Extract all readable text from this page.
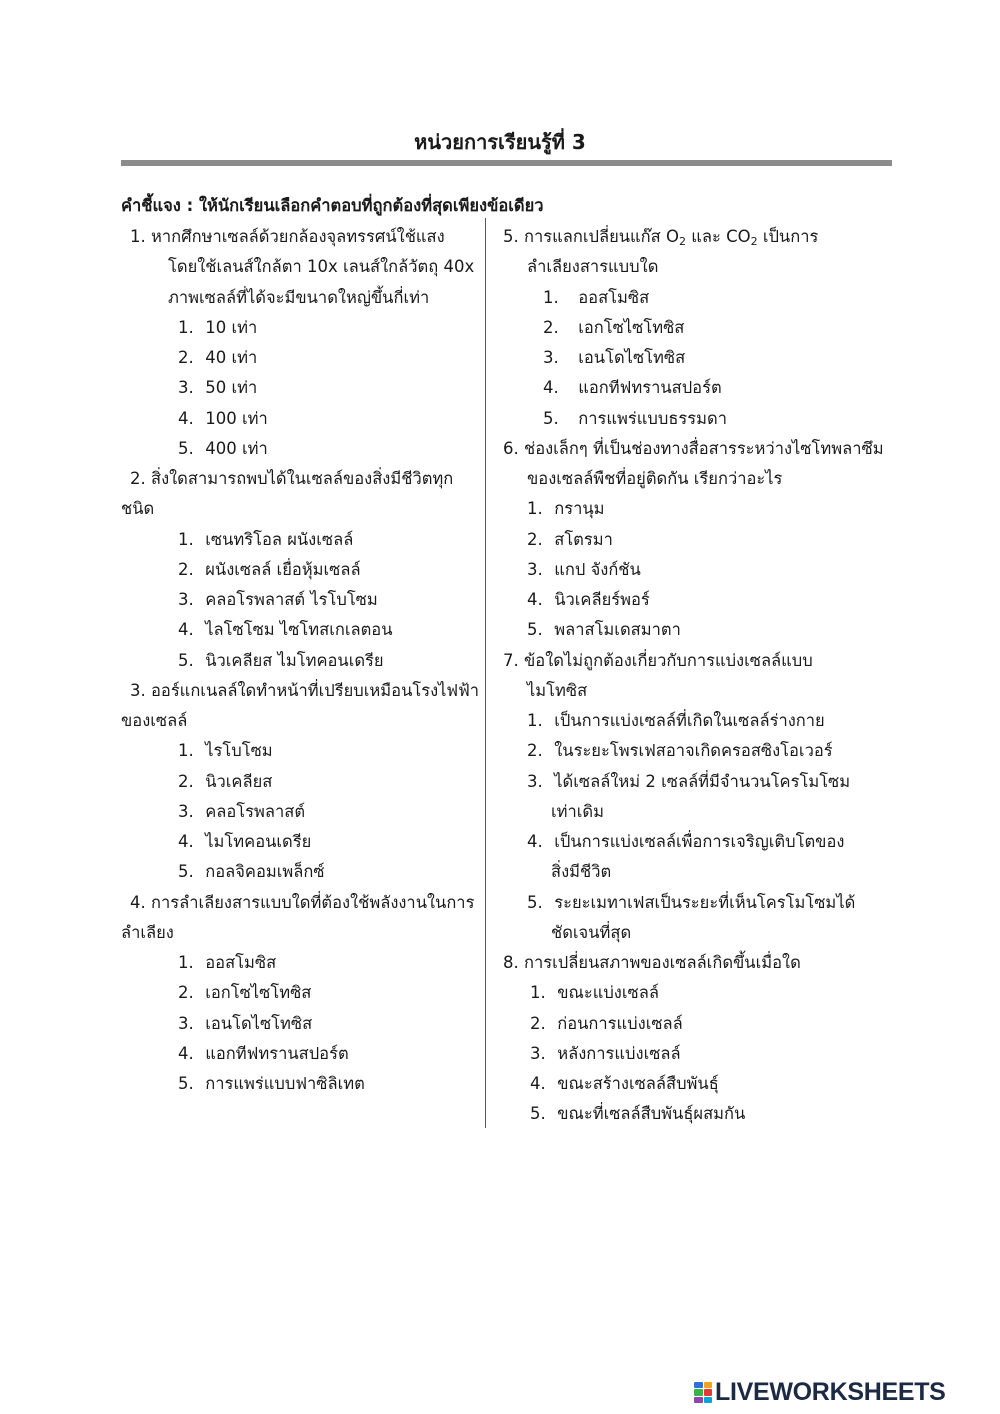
หน่วยการเรียนรู้ที่ 3
คำชี้แจง : ให้นักเรียนเลือกคำตอบที่ถูกต้องที่สุดเพียงข้อเดียว
1. หากศึกษาเซลล์ด้วยกล้องจุลทรรศน์ใช้แสง
โดยใช้เลนส์ใกล้ตา 10x เลนส์ใกล้วัตถุ 40x
ภาพเซลล์ที่ได้จะมีขนาดใหญ่ขึ้นกี่เท่า
1. 10 เท่า
2. 40 เท่า
3. 50 เท่า
4. 100 เท่า
5. 400 เท่า
2. สิ่งใดสามารถพบได้ในเซลล์ของสิ่งมีชีวิตทุก
ชนิด
1. เซนทริโอล ผนังเซลล์
2. ผนังเซลล์ เยื่อหุ้มเซลล์
3. คลอโรพลาสต์ ไรโบโซม
4. ไลโซโซม ไซโทสเกเลตอน
5. นิวเคลียส ไมโทคอนเดรีย
3. ออร์แกเนลล์ใดทำหน้าที่เปรียบเหมือนโรงไฟฟ้า
ของเซลล์
1. ไรโบโซม
2. นิวเคลียส
3. คลอโรพลาสต์
4. ไมโทคอนเดรีย
5. กอลจิคอมเพล็กซ์
4. การลำเลียงสารแบบใดที่ต้องใช้พลังงานในการ
ลำเลียง
1. ออสโมซิส
2. เอกโซไซโทซิส
3. เอนโดไซโทซิส
4. แอกทีฟทรานสปอร์ต
5. การแพร่แบบฟาซิลิเทต
5. การแลกเปลี่ยนแก๊ส $O_2$ และ $CO_2$ เป็นการ
ลำเลียงสารแบบใด
1. ออสโมซิส
2. เอกโซไซโทซิส
3. เอนโดไซโทซิส
4. แอกทีฟทรานสปอร์ต
5. การแพร่แบบธรรมดา
6. ช่องเล็กๆ ที่เป็นช่องทางสื่อสารระหว่างไซโทพลาซึม
ของเซลล์พืชที่อยู่ติดกัน เรียกว่าอะไร
1. กรานุม
2. สโตรมา
3. แกป จังก์ชัน
4. นิวเคลียร์พอร์
5. พลาสโมเดสมาตา
7. ข้อใดไม่ถูกต้องเกี่ยวกับการแบ่งเซลล์แบบ
ไมโทซิส
1. เป็นการแบ่งเซลล์ที่เกิดในเซลล์ร่างกาย
2. ในระยะโพรเฟสอาจเกิดครอสซิงโอเวอร์
3. ได้เซลล์ใหม่ 2 เซลล์ที่มีจำนวนโครโมโซม
เท่าเดิม
4. เป็นการแบ่งเซลล์เพื่อการเจริญเติบโตของ
สิ่งมีชีวิต
5. ระยะเมทาเฟสเป็นระยะที่เห็นโครโมโซมได้
ชัดเจนที่สุด
8. การเปลี่ยนสภาพของเซลล์เกิดขึ้นเมื่อใด
1. ขณะแบ่งเซลล์
2. ก่อนการแบ่งเซลล์
3. หลังการแบ่งเซลล์
4. ขณะสร้างเซลล์สืบพันธุ์
5. ขณะที่เซลล์สืบพันธุ์ผสมกัน
LIVEWORKSHEETS
